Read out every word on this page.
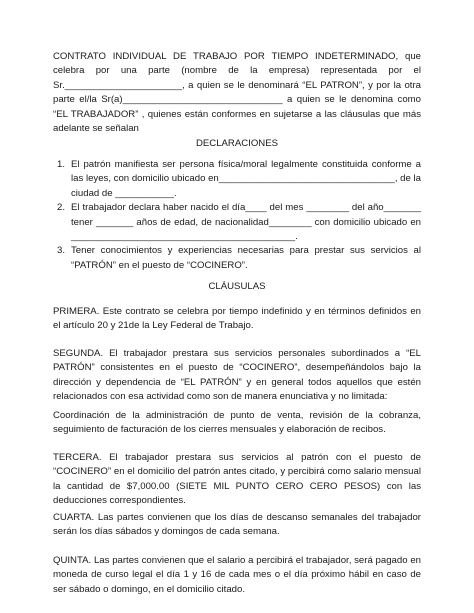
CONTRATO INDIVIDUAL DE TRABAJO POR TIEMPO INDETERMINADO, que celebra por una parte (nombre de la empresa) representada por el Sr.______________________, a quien se le denominará “EL PATRON”, y por la otra parte el/la Sr(a)______________________________ a quien se le denomina como “EL TRABAJADOR” , quienes están conformes en sujetarse a las cláusulas que más adelante se señalan

DECLARACIONES
1. El patrón manifiesta ser persona física/moral legalmente constituida conforme a las leyes, con domicilio ubicado en_________________________________, de la ciudad de ___________.
2. El trabajador declara haber nacido el día____ del mes ________ del año_______ tener _______ años de edad, de nacionalidad________ con domicilio ubicado en __________________________________________.
3. Tener conocimientos y experiencias necesarias para prestar sus servicios al “PATRÓN” en el puesto de “COCINERO”.
CLÁUSULAS

PRIMERA. Este contrato se celebra por tiempo indefinido y en términos definidos en el artículo 20 y 21de la Ley Federal de Trabajo.

SEGUNDA. El trabajador prestara sus servicios personales subordinados a “EL PATRÓN” consistentes en el puesto de “COCINERO”, desempeñándolos bajo la dirección y dependencia de “EL PATRÓN” y en general todos aquellos que estén relacionados con esa actividad como son de manera enunciativa y no limitada:

Coordinación de la administración de punto de venta, revisión de la cobranza, seguimiento de facturación de los cierres mensuales y elaboración de recibos.

TERCERA. El trabajador prestara sus servicios al patrón con el puesto de “COCINERO” en el domicilio del patrón antes citado, y percibirá como salario mensual la cantidad de $7,000.00 (SIETE MIL PUNTO CERO CERO PESOS) con las deducciones correspondientes.

CUARTA. Las partes convienen que los días de descanso semanales del trabajador serán los días sábados y domingos de cada semana.

QUINTA. Las partes convienen que el salario a percibirá el trabajador, será pagado en moneda de curso legal el día 1 y 16 de cada mes o el día próximo hábil en caso de ser sábado o domingo, en el domicilio citado.
